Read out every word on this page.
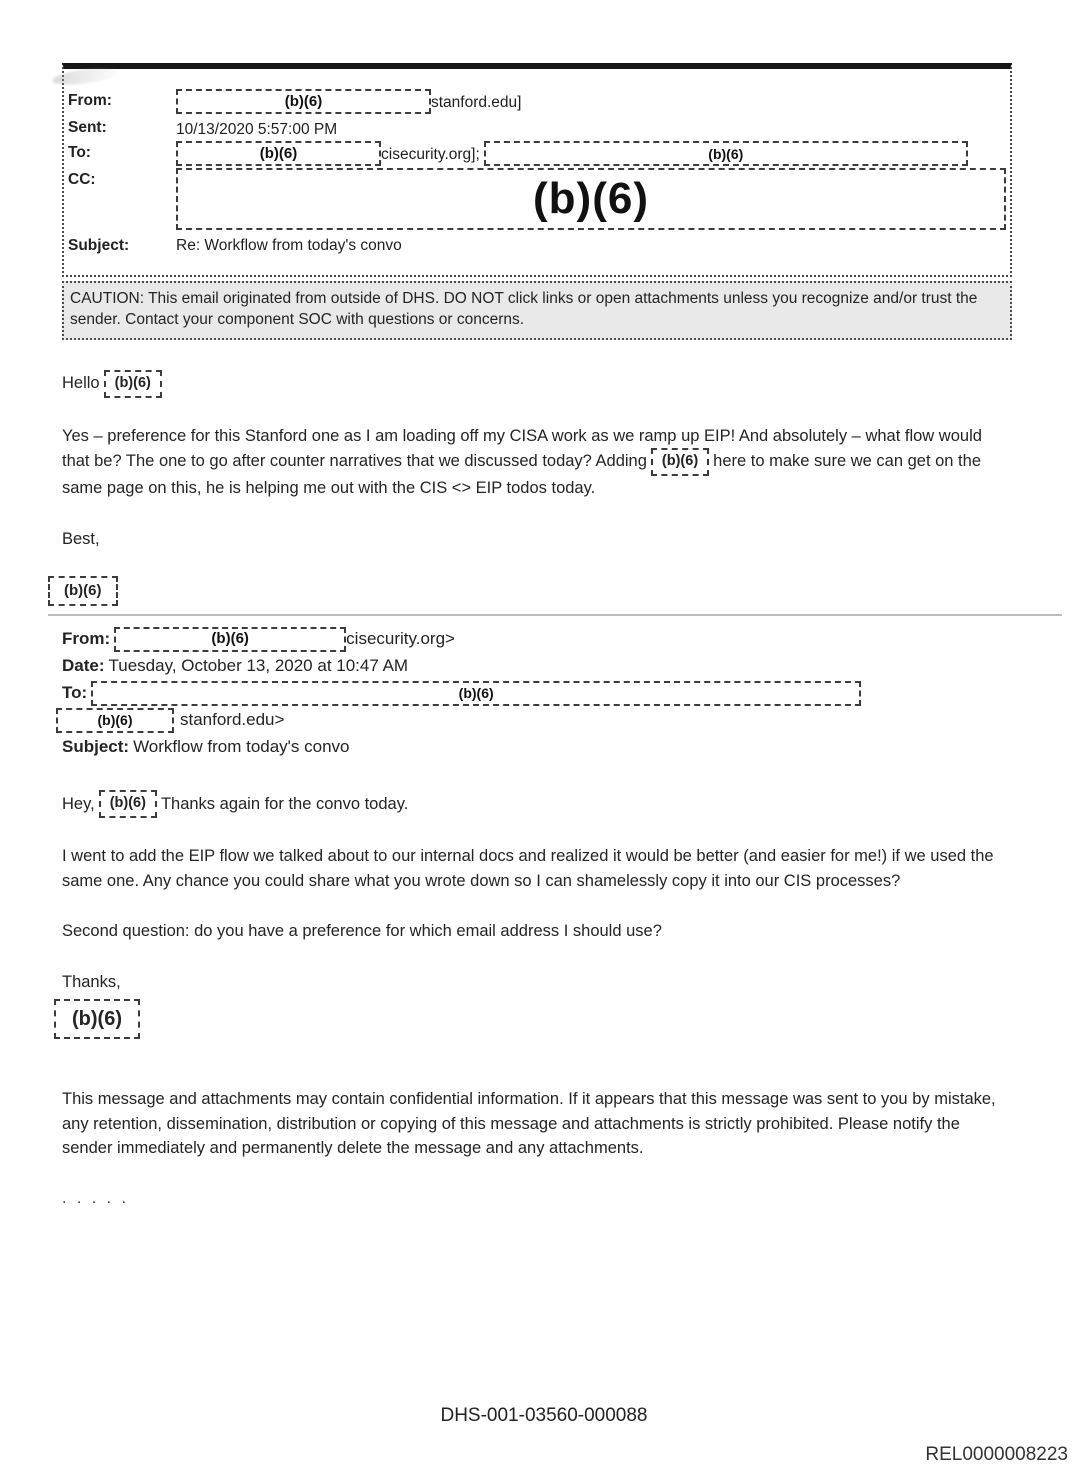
From:	(b)(6)	stanford.edu]
Sent:	10/13/2020 5:57:00 PM
To:	(b)(6)	cisecurity.org];	(b)(6)
CC:	(b)(6)
Subject:	Re: Workflow from today's convo
CAUTION: This email originated from outside of DHS. DO NOT click links or open attachments unless you recognize and/or trust the sender. Contact your component SOC with questions or concerns.
Hello	(b)(6)

Yes – preference for this Stanford one as I am loading off my CISA work as we ramp up EIP! And absolutely – what flow would that be? The one to go after counter narratives that we discussed today? Adding (b)(6) here to make sure we can get on the same page on this, he is helping me out with the CIS <> EIP todos today.

Best,
(b)(6)
From:	(b)(6)	cisecurity.org>
Date: Tuesday, October 13, 2020 at 10:47 AM
To:	(b)(6)
(b)(6)	stanford.edu>
Subject: Workflow from today's convo
Hey,	(b)(6) Thanks again for the convo today.

I went to add the EIP flow we talked about to our internal docs and realized it would be better (and easier for me!) if we used the same one. Any chance you could share what you wrote down so I can shamelessly copy it into our CIS processes?

Second question: do you have a preference for which email address I should use?

Thanks,
(b)(6)

This message and attachments may contain confidential information. If it appears that this message was sent to you by mistake, any retention, dissemination, distribution or copying of this message and attachments is strictly prohibited. Please notify the sender immediately and permanently delete the message and any attachments.

. . . . .
DHS-001-03560-000088
REL0000008223
